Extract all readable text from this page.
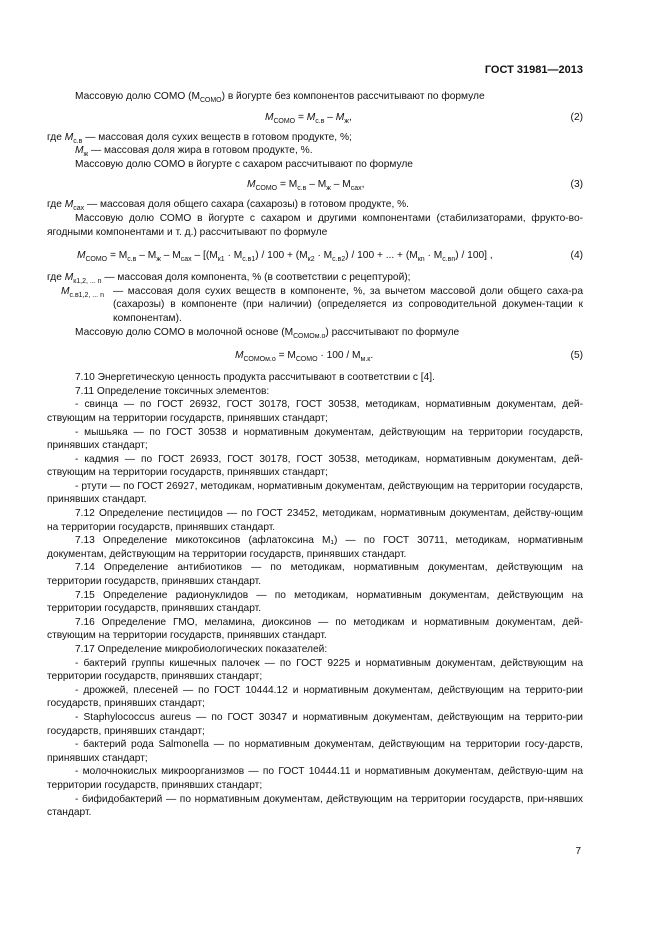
ГОСТ 31981—2013
Массовую долю СОМО $(M_{СОМО})$ в йогурте без компонентов рассчитывают по формуле
$M_{СОМО} = M_{с.в} - M_ж$,	(2)
где $M_{с.в}$ — массовая доля сухих веществ в готовом продукте, %;
$M_ж$ — массовая доля жира в готовом продукте, %.
Массовую долю СОМО в йогурте с сахаром рассчитывают по формуле
$M_{СОМО} = M_{с.в} - M_ж - M_{сах}$,	(3)
где $M_{сах}$ — массовая доля общего сахара (сахарозы) в готовом продукте, %.
Массовую долю СОМО в йогурте с сахаром и другими компонентами (стабилизаторами, фрукто-во-ягодными компонентами и т. д.) рассчитывают по формуле
$M_{СОМО} = M_{с.в} - M_ж - M_{сах} - [(M_{к1} \cdot M_{с.в1}) / 100 + (M_{к2} \cdot M_{с.в2}) / 100$ + ... + $(M_{кn} \cdot M_{с.вn}) / 100$] ,	(4)
где $M_{к1,2, ... n}$ — массовая доля компонента, % (в соответствии с рецептурой);
$M_{с.в1,2, ... n}$ — массовая доля сухих веществ в компоненте, %, за вычетом массовой доли общего саха-ра (сахарозы) в компоненте (при наличии) (определяется из сопроводительной докумен-тации к компонентам).
Массовую долю СОМО в молочной основе $(M_{СОМОм.о})$ рассчитывают по формуле
$M_{СОМОм.о} = M_{СОМО} \cdot 100 / M_{м.к}$.	(5)
7.10 Энергетическую ценность продукта рассчитывают в соответствии с [4].
7.11 Определение токсичных элементов:
- свинца — по ГОСТ 26932, ГОСТ 30178, ГОСТ 30538, методикам, нормативным документам, дей-ствующим на территории государств, принявших стандарт;
- мышьяка — по ГОСТ 30538 и нормативным документам, действующим на территории государств, принявших стандарт;
- кадмия — по ГОСТ 26933, ГОСТ 30178, ГОСТ 30538, методикам, нормативным документам, дей-ствующим на территории государств, принявших стандарт;
- ртути — по ГОСТ 26927, методикам, нормативным документам, действующим на территории государств, принявших стандарт.
7.12 Определение пестицидов — по ГОСТ 23452, методикам, нормативным документам, действу-ющим на территории государств, принявших стандарт.
7.13 Определение микотоксинов (афлатоксина M₁) — по ГОСТ 30711, методикам, нормативным документам, действующим на территории государств, принявших стандарт.
7.14 Определение антибиотиков — по методикам, нормативным документам, действующим на территории государств, принявших стандарт.
7.15 Определение радионуклидов — по методикам, нормативным документам, действующим на территории государств, принявших стандарт.
7.16 Определение ГМО, меламина, диоксинов — по методикам и нормативным документам, дей-ствующим на территории государств, принявших стандарт.
7.17 Определение микробиологических показателей:
- бактерий группы кишечных палочек — по ГОСТ 9225 и нормативным документам, действующим на территории государств, принявших стандарт;
- дрожжей, плесеней — по ГОСТ 10444.12 и нормативным документам, действующим на террито-рии государств, принявших стандарт;
- Staphylococcus aureus — по ГОСТ 30347 и нормативным документам, действующим на террито-рии государств, принявших стандарт;
- бактерий рода Salmonella — по нормативным документам, действующим на территории госу-дарств, принявших стандарт;
- молочнокислых микроорганизмов — по ГОСТ 10444.11 и нормативным документам, действую-щим на территории государств, принявших стандарт;
- бифидобактерий — по нормативным документам, действующим на территории государств, при-нявших стандарт.
7
